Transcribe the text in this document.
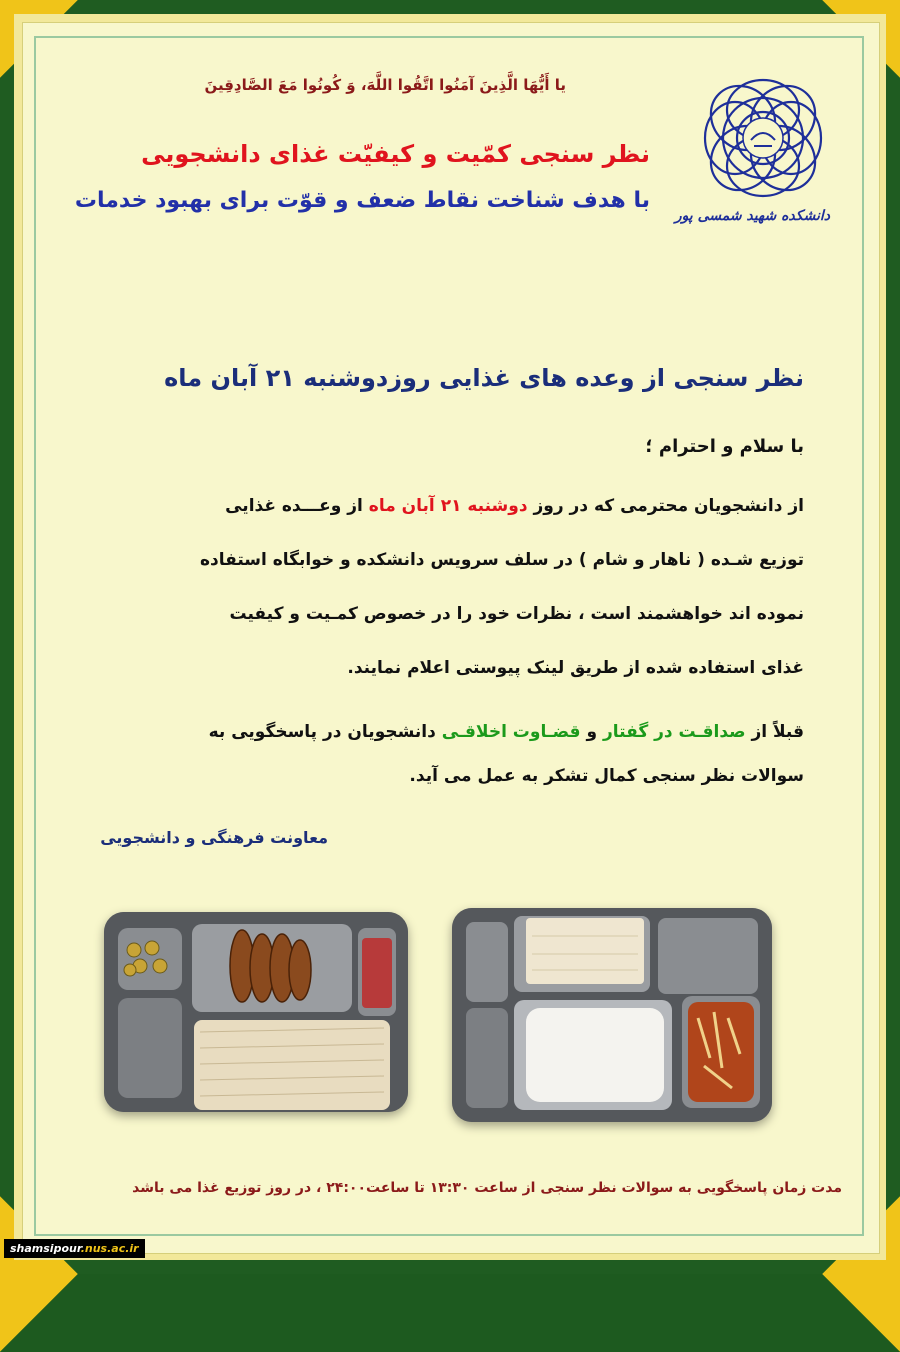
دانشکده شهید شمسی پور
يا أَيُّهَا الَّذِينَ آمَنُوا اتَّقُوا اللَّهَ، وَ كُونُوا مَعَ الصَّادِقِينَ
نظر سنجی کمّیت و کیفیّت غذای دانشجویی
با هدف شناخت نقاط ضعف و قوّت برای بهبود خدمات
نظر سنجی از وعده های غذایی روزدوشنبه ۲۱ آبان ماه
با سلام و احترام ؛
از دانشجویان محترمی که در روز دوشنبه ۲۱ آبان ماه از وعـــده غذایی
توزیع شـده ( ناهار و شام ) در سلف سرویس دانشکده و خوابگاه استفاده
نموده اند خواهشمند است ، نظرات خود را در خصوص کمـیت و کیفیت
غذای استفاده شده از طریق لینک پیوستی اعلام نمایند.
قبلاً از صداقـت در گفتار و قضـاوت اخلاقـی دانشجویان در پاسخگویی به
سوالات نظر سنجی کمال تشکر به عمل می آید.
معاونت فرهنگی و دانشجویی
مدت زمان پاسخگویی به سوالات نظر سنجی از ساعت ۱۳:۳۰ تا ساعت۲۴:۰۰ ، در روز توزیع غذا می باشد
shamsipour.nus.ac.ir
